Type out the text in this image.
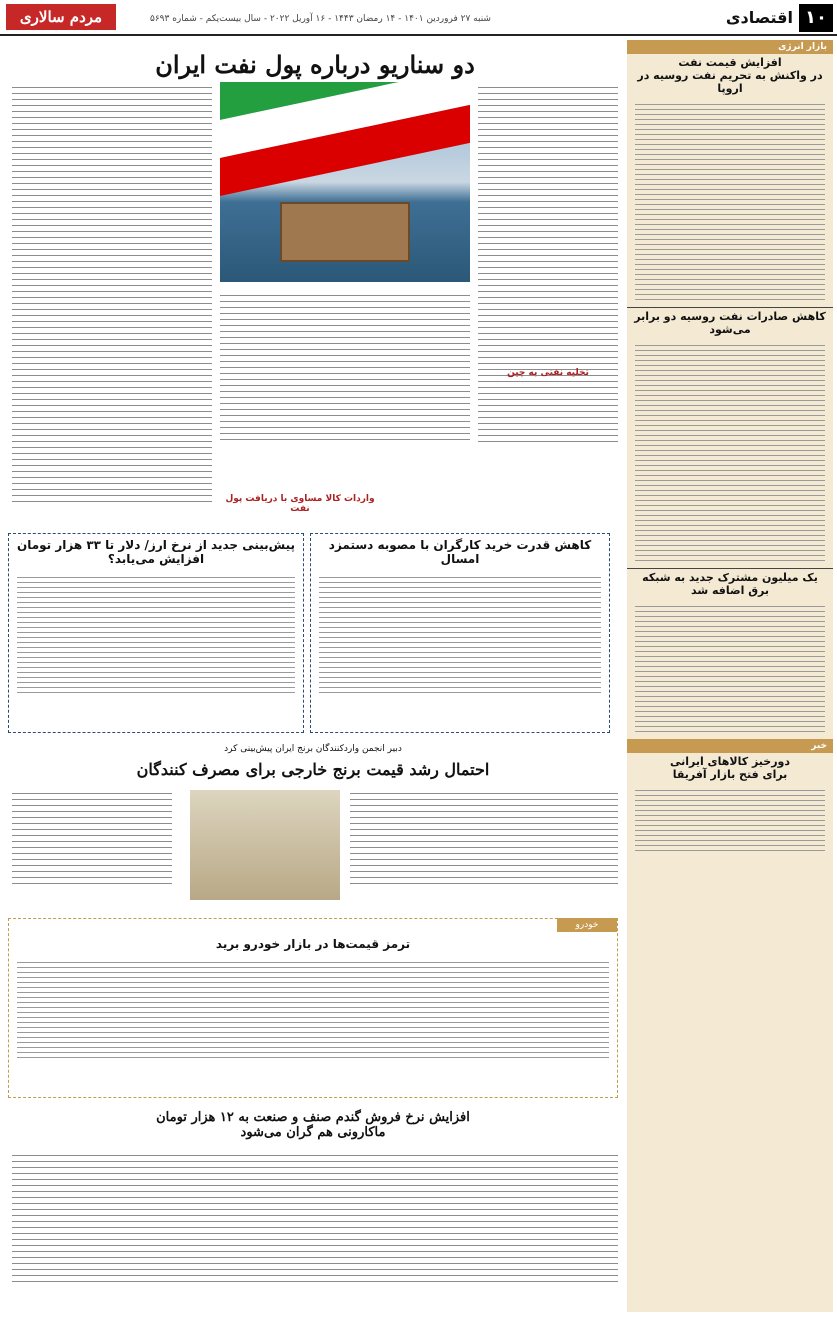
۱۰
اقتصادی
شنبه ۲۷ فروردین ۱۴۰۱ - ۱۴ رمضان ۱۴۴۳ - ۱۶ آوریل ۲۰۲۲ - سال بیست‌یکم - شماره ۵۶۹۳
مردم سالاری
بازار انرژی
افزایش قیمت نفت
در واکنش به تحریم نفت روسیه در اروپا
کاهش صادرات نفت روسیه دو برابر می‌شود
یک میلیون مشترک جدید به شبکه برق اضافه شد
خبر
دورخیز کالاهای ایرانی
برای فتح بازار آفریقا
دو سناریو درباره پول نفت ایران
تخلیه نفتی به چین
واردات کالا مساوی با دریافت پول نفت
کاهش قدرت خرید کارگران با مصوبه دستمزد امسال
پیش‌بینی جدید از نرخ ارز/ دلار تا ۳۳ هزار تومان افزایش می‌یابد؟
دبیر انجمن واردکنندگان برنج ایران پیش‌بینی کرد
احتمال رشد قیمت برنج خارجی برای مصرف کنندگان
خودرو
ترمز قیمت‌ها در بازار خودرو برید
افزایش نرخ فروش گندم صنف و صنعت به ۱۲ هزار تومان
ماکارونی هم گران می‌شود
